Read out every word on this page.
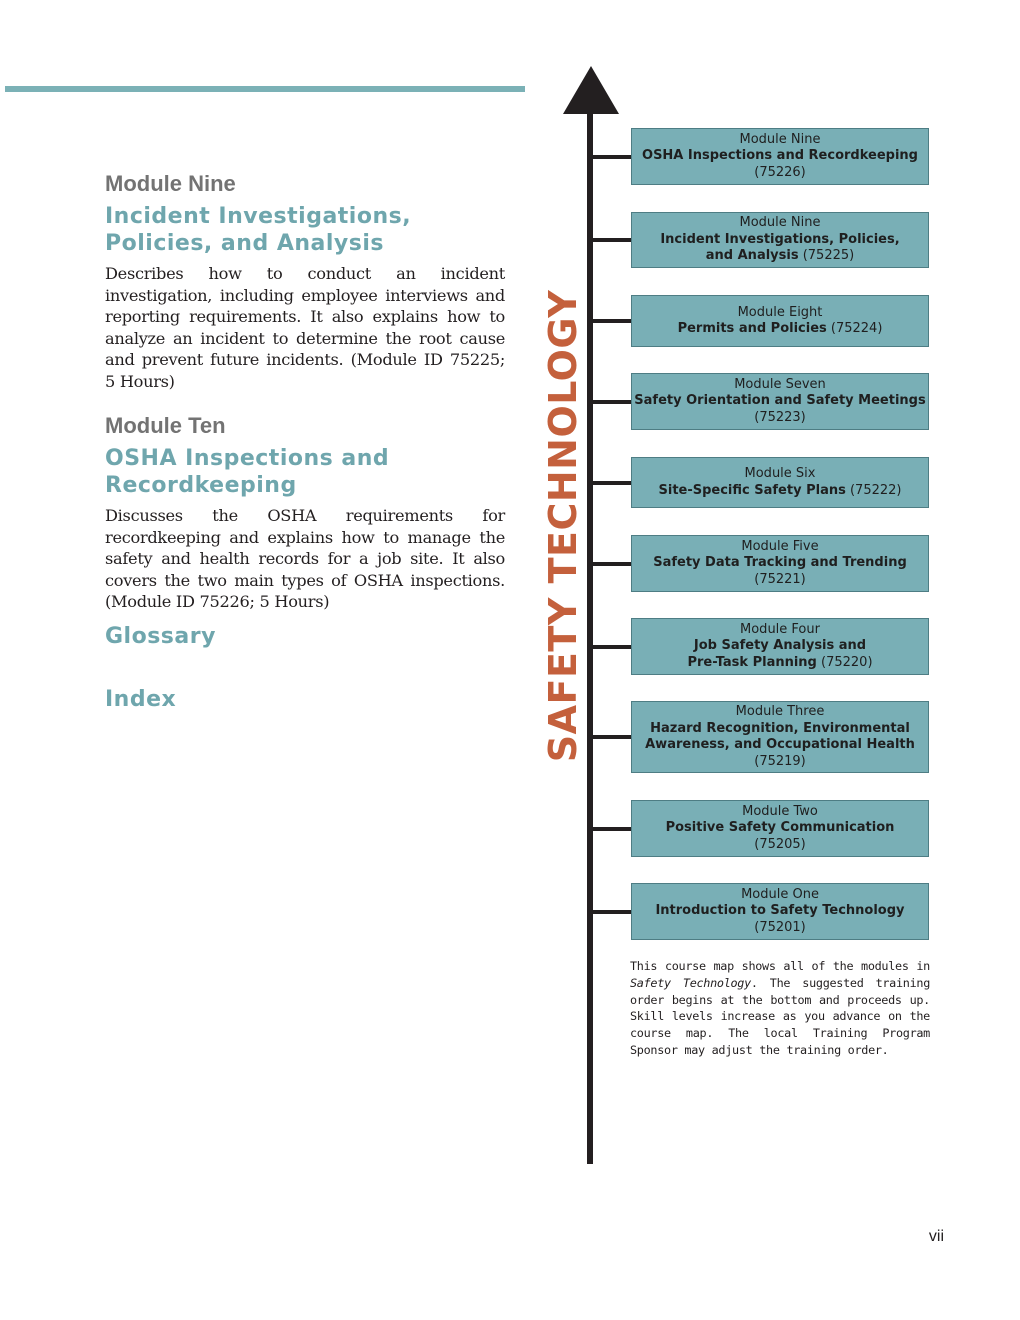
Module Nine
Incident Investigations,
Policies, and Analysis

Describes how to conduct an incident investigation, including employee interviews and reporting requirements. It also explains how to analyze an incident to determine the root cause and prevent future incidents. (Module ID 75225; 5 Hours)

Module Ten
OSHA Inspections and
Recordkeeping

Discusses the OSHA requirements for recordkeeping and explains how to manage the safety and health records for a job site. It also covers the two main types of OSHA inspections. (Module ID 75226; 5 Hours)

Glossary
Index	SAFETY TECHNOLOGY
Module Nine
OSHA Inspections and Recordkeeping
(75226)
Module Nine
Incident Investigations, Policies,
and Analysis (75225)
Module Eight
Permits and Policies (75224)
Module Seven
Safety Orientation and Safety Meetings
(75223)
Module Six
Site-Specific Safety Plans (75222)
Module Five
Safety Data Tracking and Trending
(75221)
Module Four
Job Safety Analysis and
Pre-Task Planning (75220)
Module Three
Hazard Recognition, Environmental
Awareness, and Occupational Health (75219)
Module Two
Positive Safety Communication
(75205)
Module One
Introduction to Safety Technology
(75201)
This course map shows all of the modules in Safety Technology. The suggested training order begins at the bottom and proceeds up. Skill levels increase as you advance on the course map. The local Training Program Sponsor may adjust the training order.
vii
